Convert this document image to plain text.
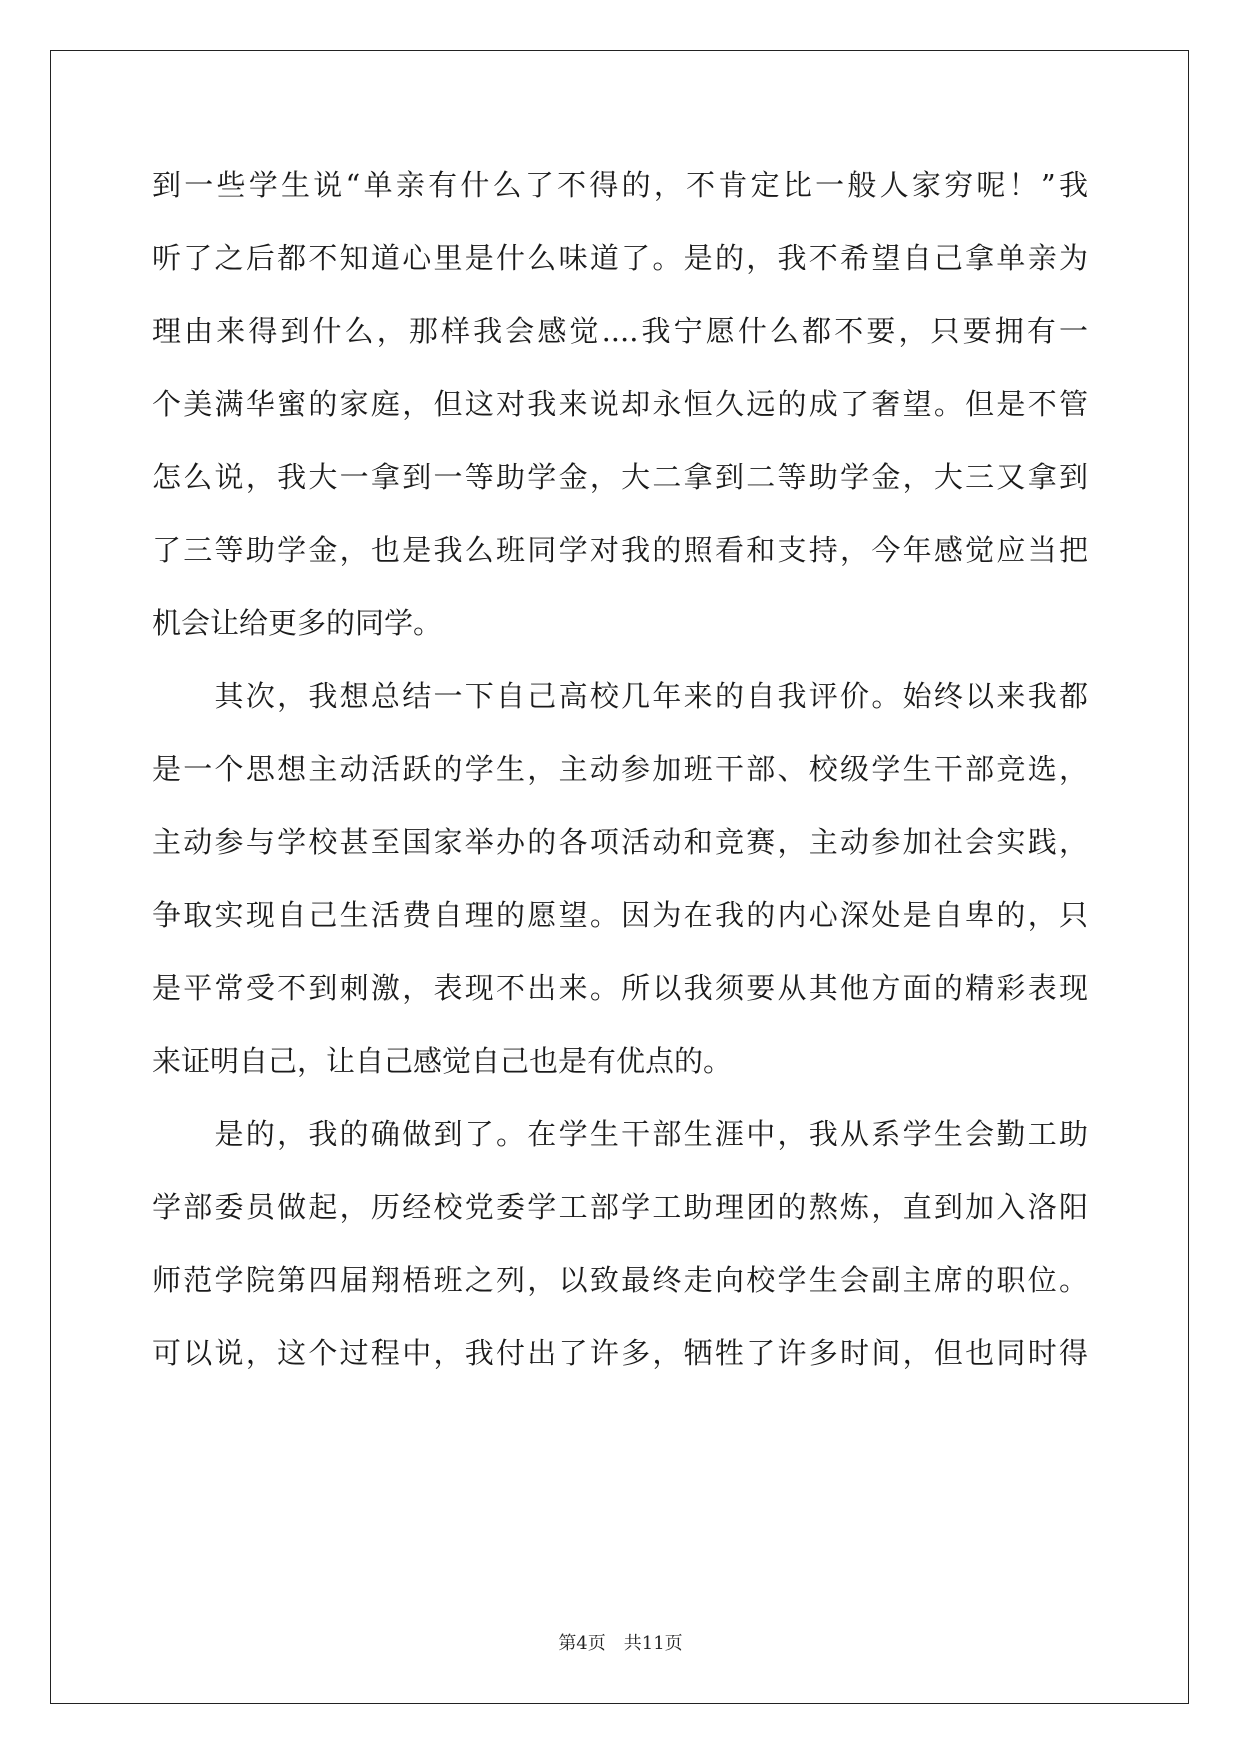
到一些学生说“单亲有什么了不得的，不肯定比一般人家穷呢！”我
听了之后都不知道心里是什么味道了。是的，我不希望自己拿单亲为
理由来得到什么，那样我会感觉....我宁愿什么都不要，只要拥有一
个美满华蜜的家庭，但这对我来说却永恒久远的成了奢望。但是不管
怎么说，我大一拿到一等助学金，大二拿到二等助学金，大三又拿到
了三等助学金，也是我么班同学对我的照看和支持，今年感觉应当把
机会让给更多的同学。
　　其次，我想总结一下自己高校几年来的自我评价。始终以来我都
是一个思想主动活跃的学生，主动参加班干部、校级学生干部竞选，
主动参与学校甚至国家举办的各项活动和竞赛，主动参加社会实践，
争取实现自己生活费自理的愿望。因为在我的内心深处是自卑的，只
是平常受不到刺激，表现不出来。所以我须要从其他方面的精彩表现
来证明自己，让自己感觉自己也是有优点的。
　　是的，我的确做到了。在学生干部生涯中，我从系学生会勤工助
学部委员做起，历经校党委学工部学工助理团的熬炼，直到加入洛阳
师范学院第四届翔梧班之列，以致最终走向校学生会副主席的职位。
可以说，这个过程中，我付出了许多，牺牲了许多时间，但也同时得
第4页　共11页
